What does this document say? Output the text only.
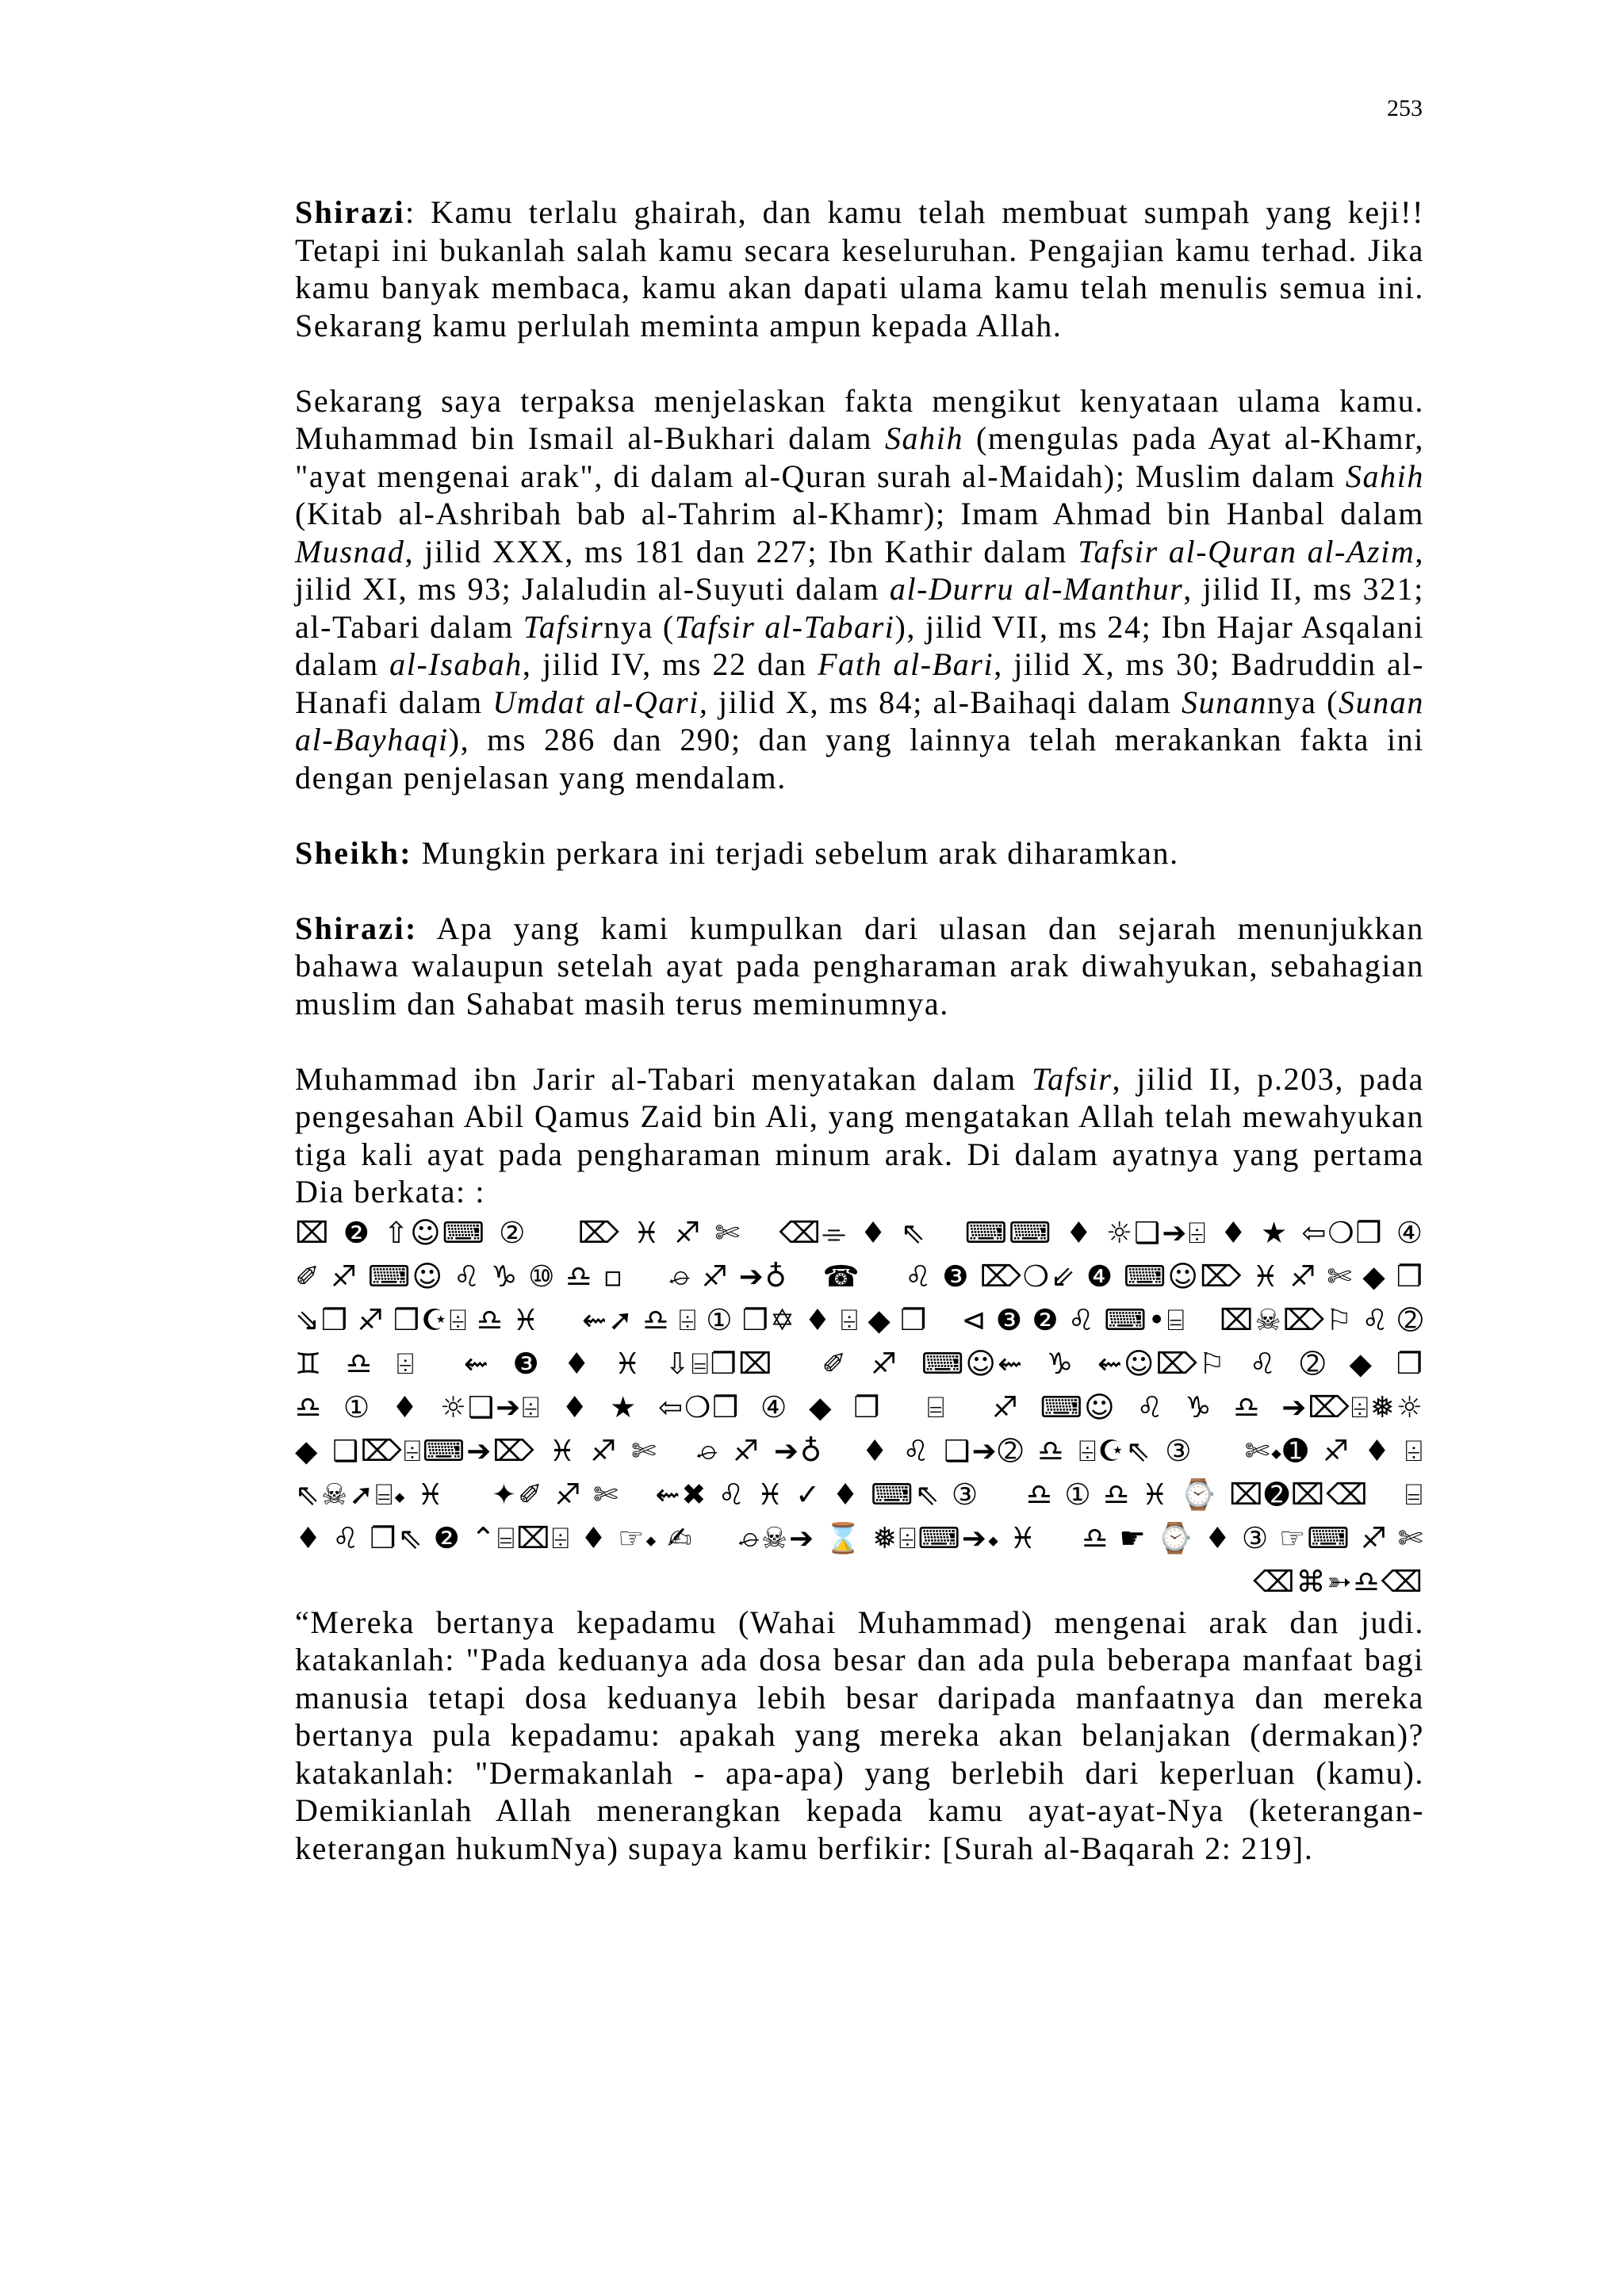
253

Shirazi: Kamu terlalu ghairah, dan kamu telah membuat sumpah yang keji!! Tetapi ini bukanlah salah kamu secara keseluruhan. Pengajian kamu terhad. Jika kamu banyak membaca, kamu akan dapati ulama kamu telah menulis semua ini. Sekarang kamu perlulah meminta ampun kepada Allah.

Sekarang saya terpaksa menjelaskan fakta mengikut kenyataan ulama kamu. Muhammad bin Ismail al-Bukhari dalam Sahih (mengulas pada Ayat al-Khamr, "ayat mengenai arak", di dalam al-Quran surah al-Maidah); Muslim dalam Sahih (Kitab al-Ashribah bab al-Tahrim al-Khamr); Imam Ahmad bin Hanbal dalam Musnad, jilid XXX, ms 181 dan 227; Ibn Kathir dalam Tafsir al-Quran al-Azim, jilid XI, ms 93; Jalaludin al-Suyuti dalam al-Durru al-Manthur, jilid II, ms 321; al-Tabari dalam Tafsirnya (Tafsir al-Tabari), jilid VII, ms 24; Ibn Hajar Asqalani dalam al-Isabah, jilid IV, ms 22 dan Fath al-Bari, jilid X, ms 30; Badruddin al-Hanafi dalam Umdat al-Qari, jilid X, ms 84; al-Baihaqi dalam Sunannya (Sunan al-Bayhaqi), ms 286 dan 290; dan yang lainnya telah merakankan fakta ini dengan penjelasan yang mendalam.

Sheikh: Mungkin perkara ini terjadi sebelum arak diharamkan.

Shirazi: Apa yang kami kumpulkan dari ulasan dan sejarah menunjukkan bahawa walaupun setelah ayat pada pengharaman arak diwahyukan, sebahagian muslim dan Sahabat masih terus meminumnya.

Muhammad ibn Jarir al-Tabari menyatakan dalam Tafsir, jilid II, p.203, pada pengesahan Abil Qamus Zaid bin Ali, yang mengatakan Allah telah mewahyukan tiga kali ayat pada pengharaman minum arak. Di dalam ayatnya yang pertama Dia berkata: :

⌧❷⇧☺⌨② ⌦♓♐✄ ⌫⌯♦⇖ ⌨⌨♦☼❑➔⌹♦★⇦❍❒④
✐♐⌨☺♌♑⑩♎▫ ⌮♐➔♁ ☎ ♌❸⌦❍⇙❹⌨☺⌦♓♐✄◆❐
⇘❒♐❒☪⌹♎♓ ⇜➚♎⌹①❐✡♦⌹◆❐ ⊲❸❷♌⌨•⌸ ⌧☠⌦⚐♌➁
♊♎⌹ ⇜❸♦♓⇩⌸❐⌧ ✐♐⌨☺⇜♑⇜☺⌦⚐♌➁◆❐
♎①♦☼❑➔⌹♦★⇦❍❒④◆❐ ⌸ ♐⌨☺♌♑♎➔⌦⌹❅☼
◆❑⌦⌹⌨➔⌦♓♐✄ ⌮♐➔♁ ♦♌❑➔➁♎⌹☪⇖③ ✄⬩➊♐♦⌹
⇖☠➚⌸⬩♓ ✦✐♐✄ ⇜✖♌♓✓♦⌨⇖③ ♎①♎♓⌚⌧➋⌧⌫ ⌸
♦♌❐⇖❷⌃⌸⌧⌹♦☞⬩✍ ⌮☠➔⌛❅⌹⌨➔⬩♓ ♎☛⌚♦③☞⌨♐✄
⌫⌘➳♎⌫

“Mereka bertanya kepadamu (Wahai Muhammad) mengenai arak dan judi. katakanlah: "Pada keduanya ada dosa besar dan ada pula beberapa manfaat bagi manusia tetapi dosa keduanya lebih besar daripada manfaatnya dan mereka bertanya pula kepadamu: apakah yang mereka akan belanjakan (dermakan)? katakanlah: "Dermakanlah - apa-apa) yang berlebih dari keperluan (kamu). Demikianlah Allah menerangkan kepada kamu ayat-ayat-Nya (keterangan-keterangan hukumNya) supaya kamu berfikir: [Surah al-Baqarah 2: 219].
